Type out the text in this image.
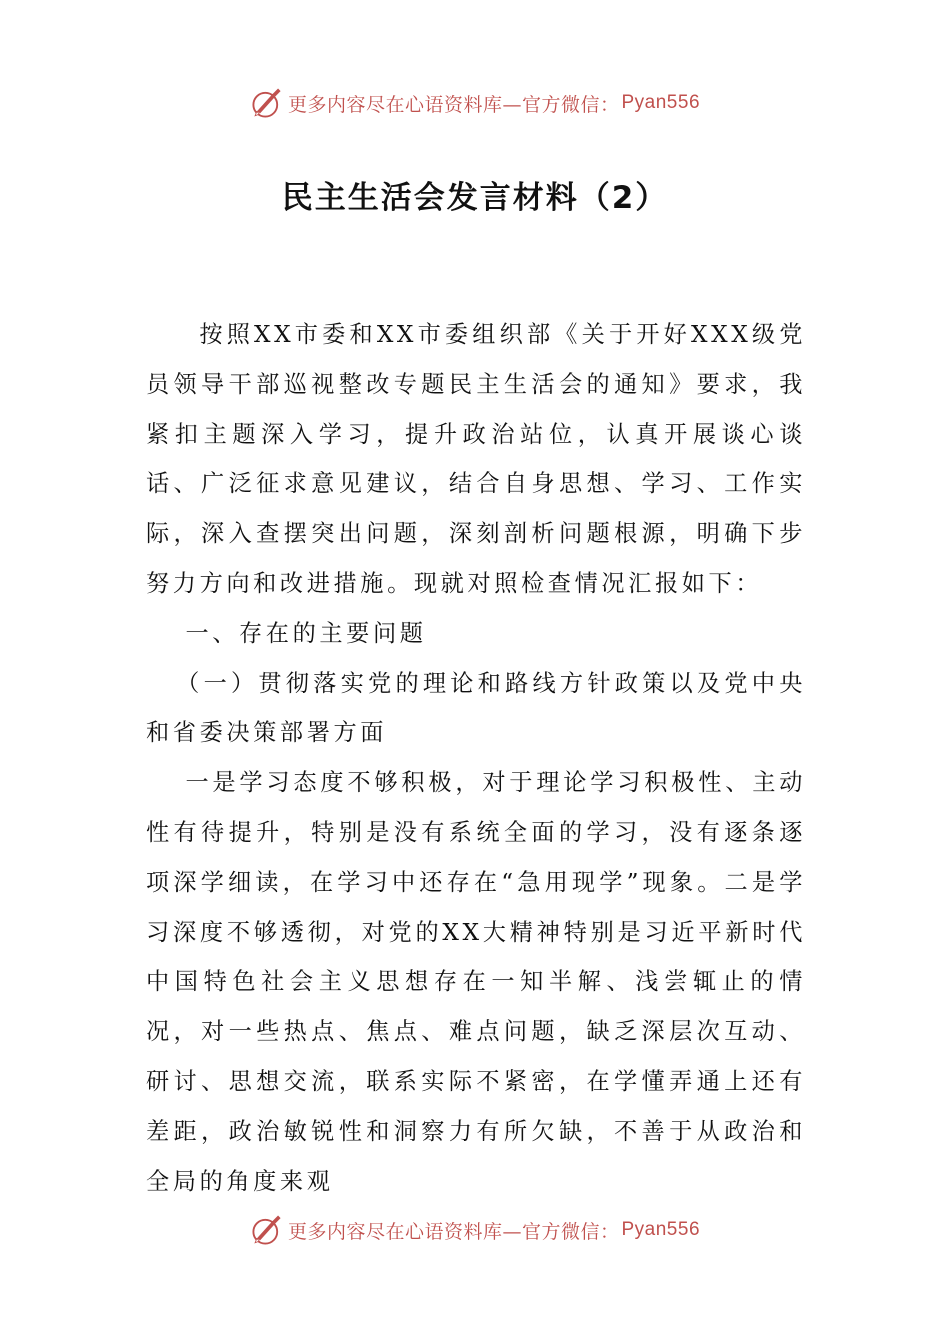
更多内容尽在心语资料库—官方微信： Pyan556
民主生活会发言材料（2）

按照XX市委和XX市委组织部《关于开好XXX级党员领导干部巡视整改专题民主生活会的通知》要求，我紧扣主题深入学习，提升政治站位，认真开展谈心谈话、广泛征求意见建议，结合自身思想、学习、工作实际，深入查摆突出问题，深刻剖析问题根源，明确下步努力方向和改进措施。现就对照检查情况汇报如下：

一、存在的主要问题

（一）贯彻落实党的理论和路线方针政策以及党中央和省委决策部署方面

一是学习态度不够积极，对于理论学习积极性、主动性有待提升，特别是没有系统全面的学习，没有逐条逐项深学细读，在学习中还存在“急用现学”现象。二是学习深度不够透彻，对党的XX大精神特别是习近平新时代中国特色社会主义思想存在一知半解、浅尝辄止的情况，对一些热点、焦点、难点问题，缺乏深层次互动、研讨、思想交流，联系实际不紧密，在学懂弄通上还有差距，政治敏锐性和洞察力有所欠缺，不善于从政治和全局的角度来观

更多内容尽在心语资料库—官方微信： Pyan556
